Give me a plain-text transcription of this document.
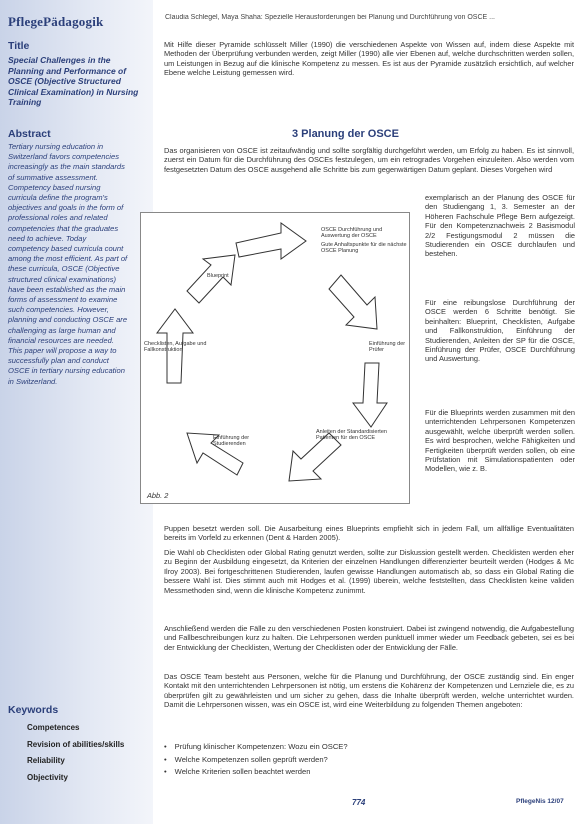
PflegePädagogik	Claudia Schlegel, Maya Shaha: Spezielle Herausforderungen bei Planung und Durchführung von OSCE ...
Title
Special Challenges in the Planning and Performance of OSCE (Objective Structured Clinical Examination) in Nursing Training
Abstract
Tertiary nursing education in Switzerland favors competencies increasingly as the main standards of summative assessment. Competency based nursing curricula define the program's objectives and goals in the form of professional roles and related competencies that the graduates need to achieve. Today competency based curricula count among the most efficient. As part of these curricula, OSCE (Objective structured clinical examinations) have been established as the main forms of assessment to examine such competencies. However, planning and conducting OSCE are challenging as large human and financial resources are needed. This paper will propose a way to successfully plan and conduct OSCE in tertiary nursing education in Switzerland.
Keywords
Competences
Revision of abilities/skills
Reliability
Objectivity
Mit Hilfe dieser Pyramide schlüsselt Miller (1990) die verschiedenen Aspekte von Wissen auf, indem diese Aspekte mit Methoden der Überprüfung verbunden werden, zeigt Miller (1990) alle vier Ebenen auf, welche durchschritten werden sollen, um Leistungen in Bezug auf die klinische Kompetenz zu messen. Es ist aus der Pyramide zusätzlich ersichtlich, auf welcher Ebene welche Leistung gemessen wird.
3 Planung der OSCE
Das organisieren von OSCE ist zeitaufwändig und sollte sorgfältig durchgeführt werden, um Erfolg zu haben. Es ist sinnvoll, zuerst ein Datum für die Durchführung des OSCEs festzulegen, um ein retrogrades Vorgehen einzuleiten. Also werden vom festgesetzten Datum des OSCE ausgehend alle Schritte bis zum gegenwärtigen Datum geplant. Dieses Vorgehen wird
exemplarisch an der Planung des OSCE für den Studiengang 1, 3. Semester an der Höheren Fachschule Pflege Bern aufgezeigt. Für den Kompetenznachweis 2 Basismodul 2/2 Festigungsmodul 2 müssen die Studierenden ein OSCE durchlaufen und bestehen.
Für eine reibungslose Durchführung der OSCE werden 6 Schritte benötigt. Sie beinhalten: Blueprint, Checklisten, Aufgabe und Fallkonstruktion, Einführung der Studierenden, Anleiten der SP für die OSCE, Einführung der Prüfer, OSCE Durchführung und Auswertung.
Für die Blueprints werden zusammen mit den unterrichtenden Lehrpersonen Kompetenzen ausgewählt, welche überprüft werden sollen. Es wird besprochen, welche Fähigkeiten und Fertigkeiten überprüft werden sollen, ob eine Prüfstation mit Simulationspatienten oder Modellen, wie z. B.
Puppen besetzt werden soll. Die Ausarbeitung eines Blueprints empfiehlt sich in jedem Fall, um allfällige Eventualitäten bereits im Vorfeld zu erkennen (Dent & Harden 2005).
Die Wahl ob Checklisten oder Global Rating genutzt werden, sollte zur Diskussion gestellt werden. Checklisten werden eher zu Beginn der Ausbildung eingesetzt, da Kriterien der einzelnen Handlungen differenzierter beurteilt werden (Hodges & Mc Ilroy 2003). Bei fortgeschrittenen Studierenden, laufen gewisse Handlungen automatisch ab, so dass ein Global Rating die bessere Wahl ist. Dies stimmt auch mit Hodges et al. (1999) überein, welche feststellten, dass Checklisten keine validen Messmethoden sind, wenn die klinische Kompetenz zunimmt.
Anschließend werden die Fälle zu den verschiedenen Posten konstruiert. Dabei ist zwingend notwendig, die Aufgabestellung und Fallbeschreibungen kurz zu halten. Die Lehrpersonen werden punktuell immer wieder um Feedback gebeten, sei es bei der Entwicklung der Checklisten, Wertung der Checklisten oder der Entwicklung der Fälle.
Das OSCE Team besteht aus Personen, welche für die Planung und Durchführung, der OSCE zuständig sind. Ein enger Kontakt mit den unterrichtenden Lehrpersonen ist nötig, um erstens die Kohärenz der Kompetenzen und Lernziele die, es zu überprüfen gilt zu gewährleisten und um sicher zu gehen, dass die Inhalte überprüft werden, welche unterrichtet wurden. Damit die Lehrpersonen wissen, was ein OSCE ist, wird eine Weiterbildung zu folgenden Themen angeboten:
• Prüfung klinischer Kompetenzen: Wozu ein OSCE?
• Welche Kompetenzen sollen geprüft werden?
• Welche Kriterien sollen beachtet werden
OSCE Durchführung und Auswertung der OSCE
Gute Anhaltspunkte für die nächste OSCE Planung
Blueprint
Einführung der Prüfer
Checklisten, Aufgabe und Fallkonstruktion
Einführung der Studierenden
Anleiten der Standardisierten Patienten für den OSCE
Abb. 2
774	PflegeNis 12/07
